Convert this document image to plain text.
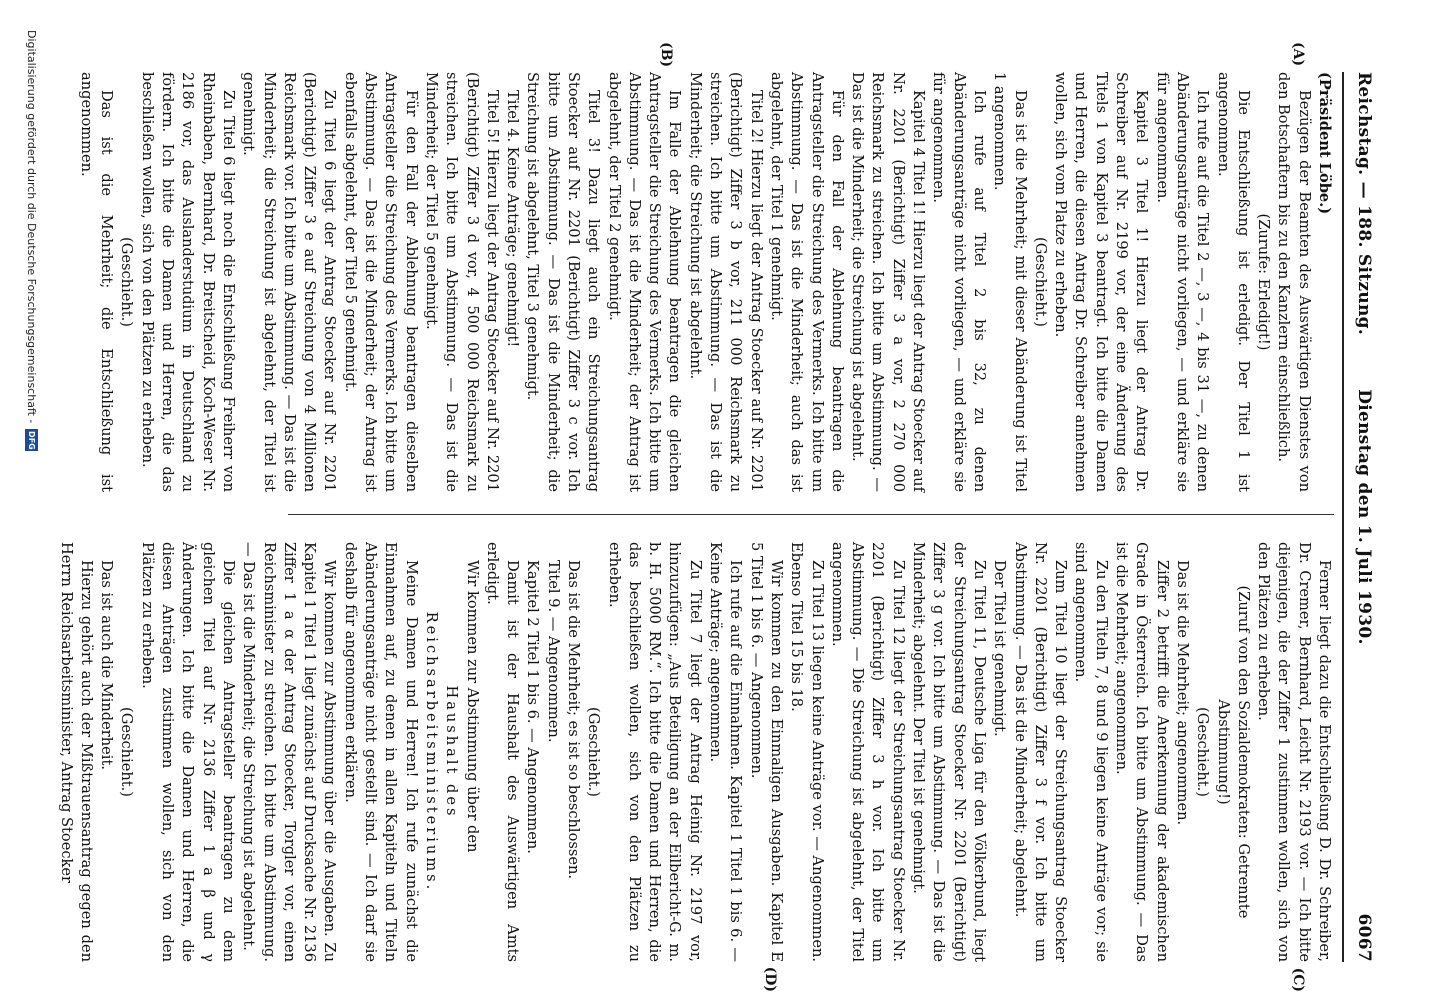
Reichstag. — 188. Sitzung.
Dienstag den 1. Juli 1930.
6067
(A)
(B)
(C)
(D)

(Präsident Löbe.)

Bezügen der Beamten des Auswärtigen Dienstes von den Botschaftern bis zu den Kanzlern einschließlich.

(Zurufe: Erledigt!)

Die Entschließung ist erledigt. Der Titel 1 ist angenommen.

Ich rufe auf die Titel 2 —, 3 —, 4 bis 31 —, zu denen Abänderungsanträge nicht vorliegen, — und erkläre sie für angenommen.

Kapitel 3 Titel 1! Hierzu liegt der Antrag Dr. Schreiber auf Nr. 2199 vor, der eine Änderung des Titels 1 von Kapitel 3 beantragt. Ich bitte die Damen und Herren, die diesen Antrag Dr. Schreiber annehmen wollen, sich vom Platze zu erheben.

(Geschieht.)

Das ist die Mehrheit; mit dieser Abänderung ist Titel 1 angenommen.

Ich rufe auf Titel 2 bis 32, zu denen Abänderungsanträge nicht vorliegen, — und erkläre sie für angenommen.

Kapitel 4 Titel 1! Hierzu liegt der Antrag Stoecker auf Nr. 2201 (Berichtigt) Ziffer 3 a vor, 2 270 000 Reichsmark zu streichen. Ich bitte um Abstimmung. — Das ist die Minderheit; die Streichung ist abgelehnt.

Für den Fall der Ablehnung beantragen die Antragsteller die Streichung des Vermerks. Ich bitte um Abstimmung. — Das ist die Minderheit; auch das ist abgelehnt, der Titel 1 genehmigt.

Titel 2! Hierzu liegt der Antrag Stoecker auf Nr. 2201 (Berichtigt) Ziffer 3 b vor, 211 000 Reichsmark zu streichen. Ich bitte um Abstimmung. — Das ist die Minderheit; die Streichung ist abgelehnt.

Im Falle der Ablehnung beantragen die gleichen Antragsteller die Streichung des Vermerks. Ich bitte um Abstimmung. — Das ist die Minderheit; der Antrag ist abgelehnt, der Titel 2 genehmigt.

Titel 3! Dazu liegt auch ein Streichungsantrag Stoecker auf Nr. 2201 (Berichtigt) Ziffer 3 c vor. Ich bitte um Abstimmung. — Das ist die Minderheit; die Streichung ist abgelehnt, Titel 3 genehmigt.

Titel 4. Keine Anträge; genehmigt!

Titel 5! Hierzu liegt der Antrag Stoecker auf Nr. 2201 (Berichtigt) Ziffer 3 d vor, 4 500 000 Reichsmark zu streichen. Ich bitte um Abstimmung. — Das ist die Minderheit; der Titel 5 genehmigt.

Für den Fall der Ablehnung beantragen dieselben Antragsteller die Streichung des Vermerks. Ich bitte um Abstimmung. — Das ist die Minderheit; der Antrag ist ebenfalls abgelehnt, der Titel 5 genehmigt.

Zu Titel 6 liegt der Antrag Stoecker auf Nr. 2201 (Berichtigt) Ziffer 3 e auf Streichung von 4 Millionen Reichsmark vor. Ich bitte um Abstimmung. — Das ist die Minderheit; die Streichung ist abgelehnt, der Titel ist genehmigt.

Zu Titel 6 liegt noch die Entschließung Freiherr von Rheinbaben, Bernhard, Dr. Breitscheid, Koch-Weser Nr. 2186 vor, das Auslanderstudium in Deutschland zu fördern. Ich bitte die Damen und Herren, die das beschließen wollen, sich von den Plätzen zu erheben.

(Geschieht.)

Das ist die Mehrheit; die Entschließung ist angenommen.

Ferner liegt dazu die Entschließung D. Dr. Schreiber, Dr. Cremer, Bernhard, Leicht Nr. 2193 vor. — Ich bitte diejenigen, die der Ziffer 1 zustimmen wollen, sich von den Plätzen zu erheben.

(Zuruf von den Sozialdemokraten: Getrennte Abstimmung!)

(Geschieht.)

Das ist die Mehrheit; angenommen.

Ziffer 2 betrifft die Anerkennung der akademischen Grade in Österreich. Ich bitte um Abstimmung. — Das ist die Mehrheit; angenommen.

Zu den Titeln 7, 8 und 9 liegen keine Anträge vor; sie sind angenommen.

Zum Titel 10 liegt der Streichungsantrag Stoecker Nr. 2201 (Berichtigt) Ziffer 3 f vor. Ich bitte um Abstimmung. — Das ist die Minderheit; abgelehnt.

Der Titel ist genehmigt.

Zu Titel 11, Deutsche Liga für den Völkerbund, liegt der Streichungsantrag Stoecker Nr. 2201 (Berichtigt) Ziffer 3 g vor. Ich bitte um Abstimmung. — Das ist die Minderheit; abgelehnt. Der Titel ist genehmigt.

Zu Titel 12 liegt der Streichungsantrag Stoecker Nr. 2201 (Berichtigt) Ziffer 3 h vor. Ich bitte um Abstimmung. — Die Streichung ist abgelehnt, der Titel angenommen.

Zu Titel 13 liegen keine Anträge vor. — Angenommen. Ebenso Titel 15 bis 18.

Wir kommen zu den Einmaligen Ausgaben. Kapitel E 5 Titel 1 bis 6. — Angenommen.

Ich rufe auf die Einnahmen. Kapitel 1 Titel 1 bis 6. — Keine Anträge; angenommen.

Zu Titel 7 liegt der Antrag Heinig Nr. 2197 vor, hinzuzufügen: „Aus Beteiligung an der Eilbericht-G. m. b. H. 5000 RM.“. Ich bitte die Damen und Herren, die das beschließen wollen, sich von den Plätzen zu erheben.

(Geschieht.)

Das ist die Mehrheit; es ist so beschlossen.

Titel 9. — Angenommen.

Kapitel 2 Titel 1 bis 6. — Angenommen.

Damit ist der Haushalt des Auswärtigen Amts erledigt.

Wir kommen zur Abstimmung über den

Haushalt des Reichsarbeitsministeriums.

Meine Damen und Herren! Ich rufe zunächst die Einnahmen auf, zu denen in allen Kapiteln und Titeln Abänderungsanträge nicht gestellt sind. — Ich darf sie deshalb für angenommen erklären.

Wir kommen zur Abstimmung über die Ausgaben. Zu Kapitel 1 Titel 1 liegt zunächst auf Drucksache Nr. 2136 Ziffer 1 a α der Antrag Stoecker, Torgler vor, einen Reichsminister zu streichen. Ich bitte um Abstimmung. — Das ist die Minderheit; die Streichung ist abgelehnt.

Die gleichen Antragsteller beantragen zu dem gleichen Titel auf Nr. 2136 Ziffer 1 a β und γ Änderungen. Ich bitte die Damen und Herren, die diesen Anträgen zustimmen wollen, sich von den Plätzen zu erheben.

(Geschieht.)

Das ist auch die Minderheit.

Hierzu gehört auch der Mißtrauensantrag gegen den Herrn Reichsarbeitsminister, Antrag Stoecker

Digitalisierung gefördert durch die Deutsche Forschungsgemeinschaft -
DFG
